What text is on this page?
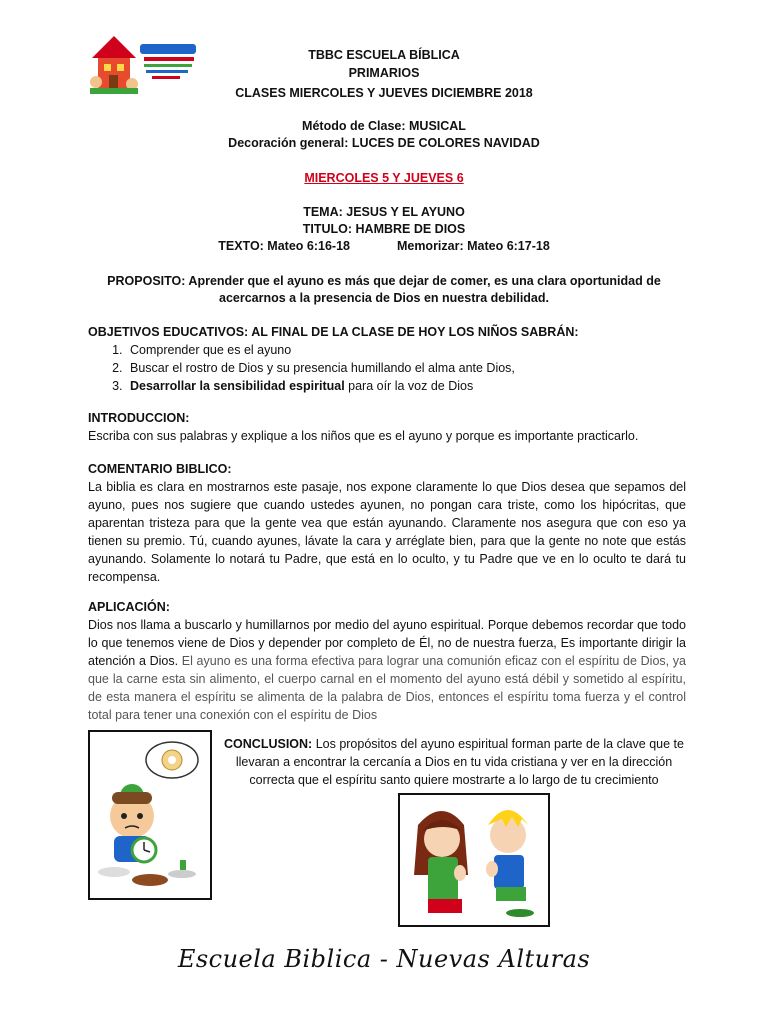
TBBC ESCUELA BÍBLICA
PRIMARIOS
CLASES MIERCOLES Y JUEVES DICIEMBRE 2018
Método de Clase: MUSICAL
Decoración general: LUCES DE COLORES NAVIDAD
MIERCOLES 5 Y JUEVES 6
TEMA: JESUS Y EL AYUNO
TITULO: HAMBRE DE DIOS
TEXTO: Mateo 6:16-18	Memorizar: Mateo 6:17-18
PROPOSITO: Aprender que el ayuno es más que dejar de comer, es una clara oportunidad de
acercarnos a la presencia de Dios en nuestra debilidad.
OBJETIVOS EDUCATIVOS: AL FINAL DE LA CLASE DE HOY LOS NIÑOS SABRÁN:
1. Comprender que es el ayuno
2. Buscar el rostro de Dios y su presencia humillando el alma ante Dios,
3. Desarrollar la sensibilidad espiritual para oír la voz de Dios
INTRODUCCION:
Escriba con sus palabras y explique a los niños que es el ayuno y porque es importante practicarlo.
COMENTARIO BIBLICO:
La biblia es clara en mostrarnos este pasaje, nos expone claramente lo que Dios desea que sepamos del ayuno, pues nos sugiere que cuando ustedes ayunen, no pongan cara triste, como los hipócritas, que aparentan tristeza para que la gente vea que están ayunando. Claramente nos asegura que con eso ya tienen su premio. Tú, cuando ayunes, lávate la cara y arréglate bien, para que la gente no note que estás ayunando. Solamente lo notará tu Padre, que está en lo oculto, y tu Padre que ve en lo oculto te dará tu recompensa.
APLICACIÓN:
Dios nos llama a buscarlo y humillarnos por medio del ayuno espiritual. Porque debemos recordar que todo lo que tenemos viene de Dios y depender por completo de Él, no de nuestra fuerza, Es importante dirigir la atención a Dios. El ayuno es una forma efectiva para lograr una comunión eficaz con el espíritu de Dios, ya que la carne esta sin alimento, el cuerpo carnal en el momento del ayuno está débil y sometido al espíritu, de esta manera el espíritu se alimenta de la palabra de Dios, entonces el espíritu toma fuerza y el control total para tener una conexión con el espíritu de Dios
CONCLUSION: Los propósitos del ayuno espiritual forman parte de la clave que te
llevaran a encontrar la cercanía a Dios en tu vida cristiana y ver en la dirección
correcta que el espíritu santo quiere mostrarte a lo largo de tu crecimiento
Escuela Biblica - Nuevas Alturas
